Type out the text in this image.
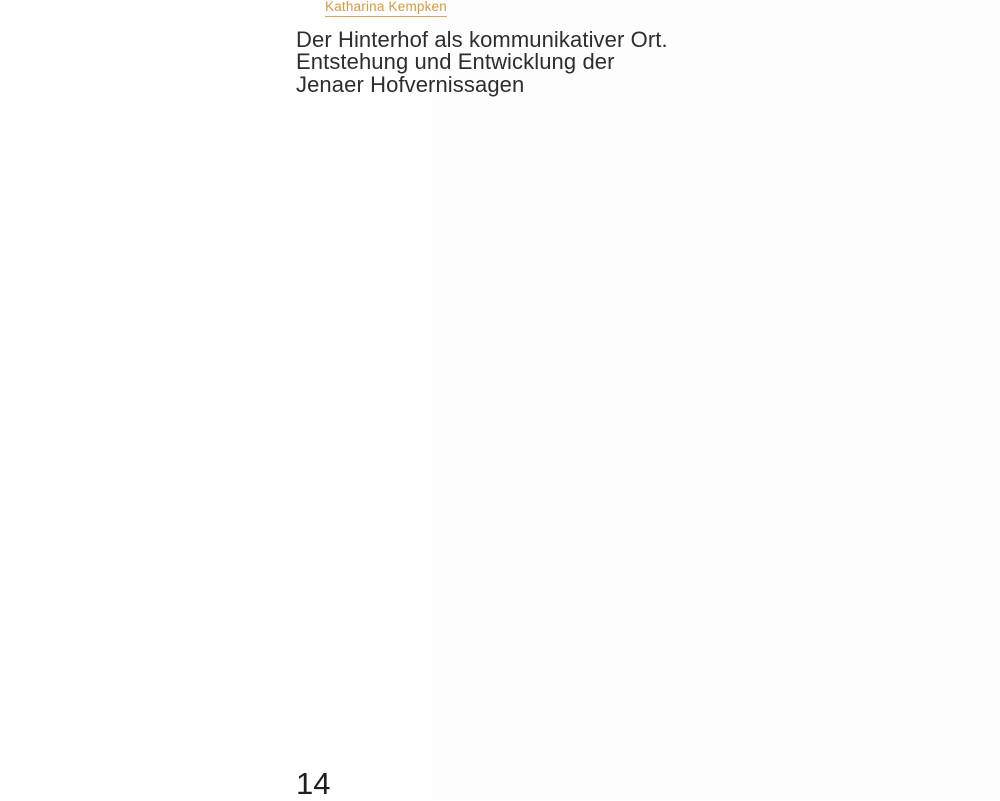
Katharina Kempken
Der Hinterhof als kommunikativer Ort.
Entstehung und Entwicklung der
Jenaer Hofvernissagen
14
